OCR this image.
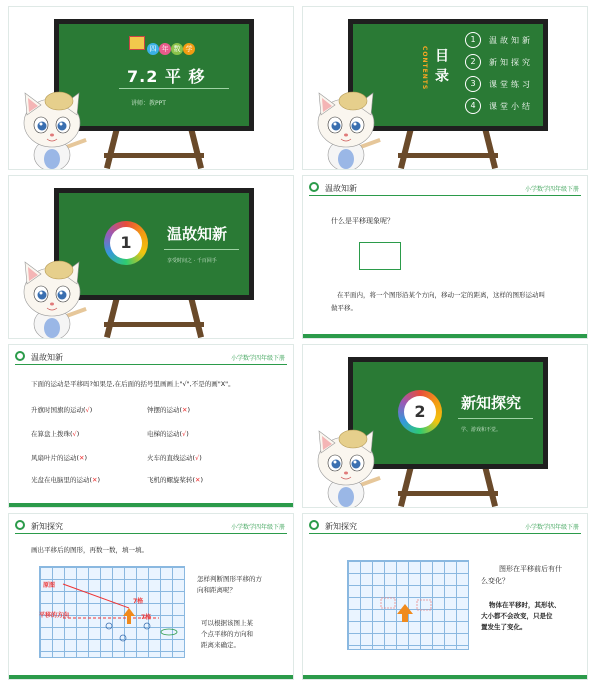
四 年 数 学
7.2 平 移
讲师：教PPT
目录
CONTENTS
1	温故知新
2	新知探究
3	课堂练习
4	课堂小结
1	温故知新
享受时间之 · 千百回手
温故知新	小学数学四年级下册
什么是平移现象呢？
在平面内，将一个图形沿某个方向，移动一定的距离，这样的图形运动叫
做平移。
温故知新	小学数学四年级下册
下面的运动是平移吗?如果是,在后面的括号里画画上"√",不是的画"X"。
升旗时国旗的运动(√)	钟摆的运动(✕)
在算盘上拨珠(√)	电梯的运动(√)
风扇叶片的运动(✕)	火车的直线运动(√)
光盘在电脑里的运动(✕)	飞机的螺旋桨转(✕)
2	新知探究
学、游戏和不觉。
新知探究	小学数学四年级下册
画出平移后的图形，再数一数，填一填。
原图
平移的方向
7格
7格
怎样判断图形平移的方
向和距离呢？
可以根据该图上某
个点平移的方向和
距离来确定。
新知探究	小学数学四年级下册
图形在平移前后有什
么变化？
物体在平移时，其形状、
大小都不会改变，只是位
置发生了变化。
